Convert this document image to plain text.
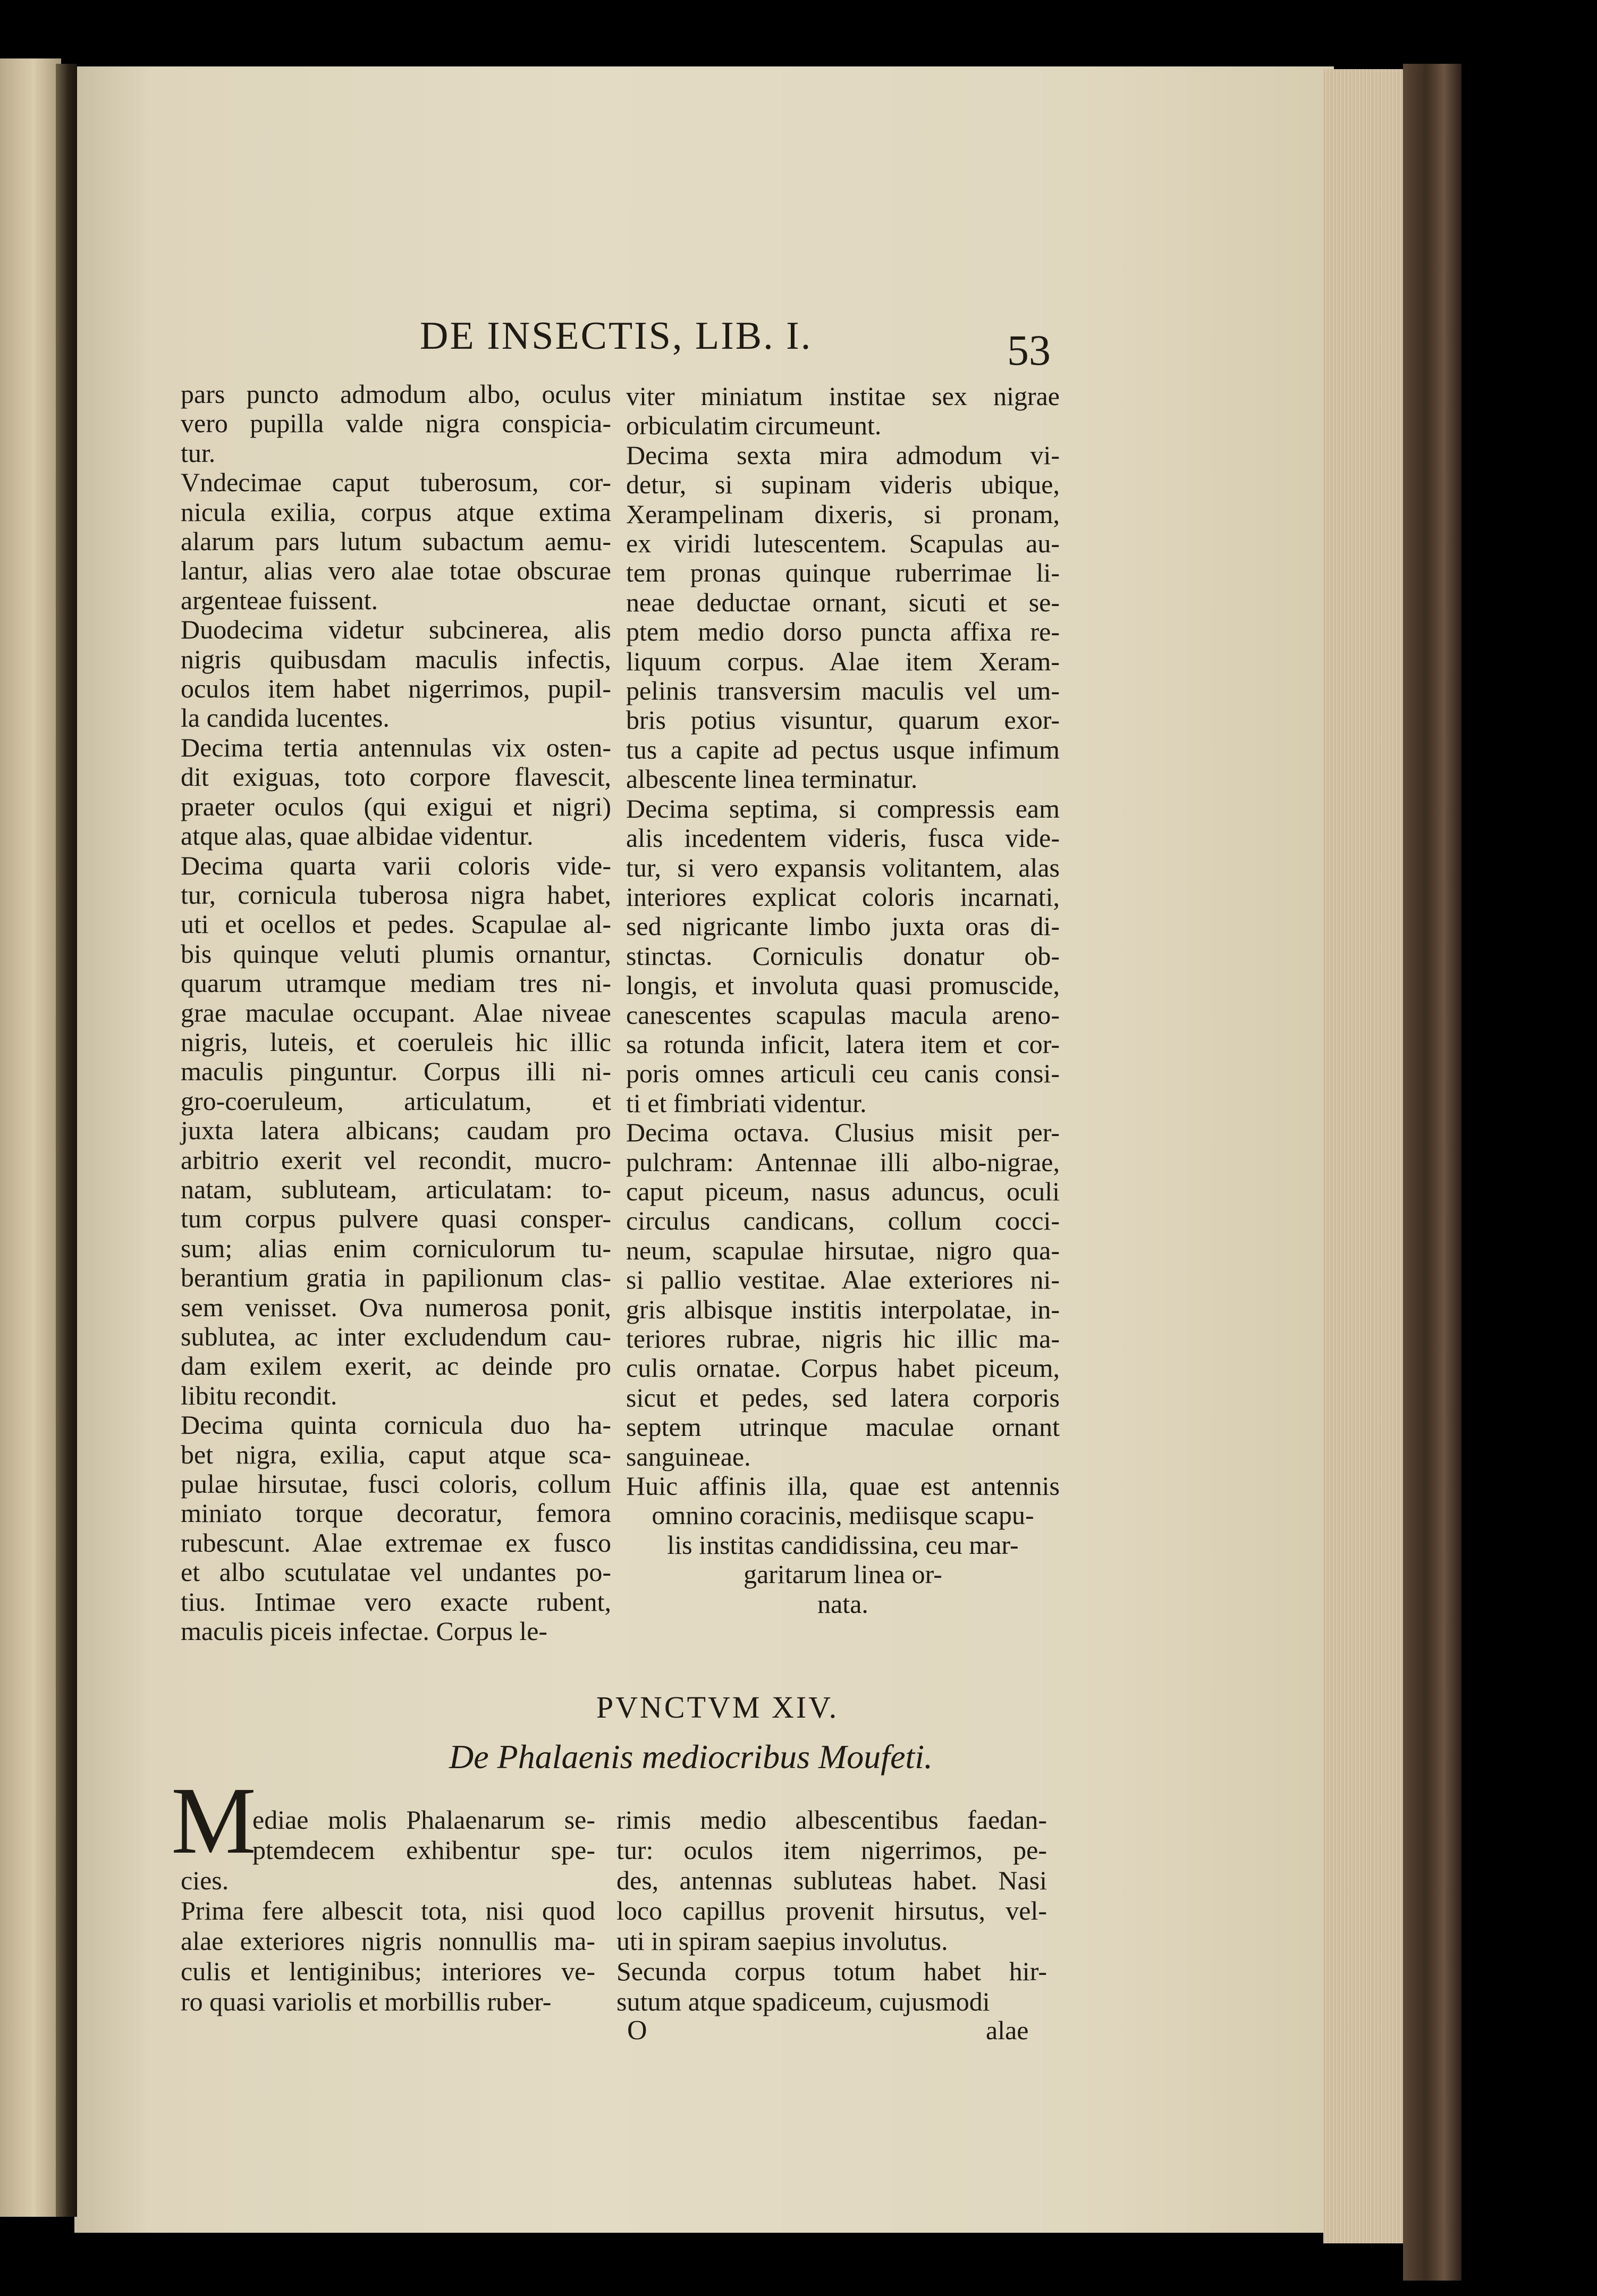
DE INSECTIS, LIB. I.	53

pars puncto admodum albo, oculus

vero pupilla valde nigra conspicia-

tur.

Vndecimae caput tuberosum, cor-

nicula exilia, corpus atque extima

alarum pars lutum subactum aemu-

lantur, alias vero alae totae obscurae

argenteae fuissent.

Duodecima videtur subcinerea, alis

nigris quibusdam maculis infectis,

oculos item habet nigerrimos, pupil-

la candida lucentes.

Decima tertia antennulas vix osten-

dit exiguas, toto corpore flavescit,

praeter oculos (qui exigui et nigri)

atque alas, quae albidae videntur.

Decima quarta varii coloris vide-

tur, cornicula tuberosa nigra habet,

uti et ocellos et pedes. Scapulae al-

bis quinque veluti plumis ornantur,

quarum utramque mediam tres ni-

grae maculae occupant. Alae niveae

nigris, luteis, et coeruleis hic illic

maculis pinguntur. Corpus illi ni-

gro-coeruleum, articulatum, et

juxta latera albicans; caudam pro

arbitrio exerit vel recondit, mucro-

natam, subluteam, articulatam: to-

tum corpus pulvere quasi consper-

sum; alias enim corniculorum tu-

berantium gratia in papilionum clas-

sem venisset. Ova numerosa ponit,

sublutea, ac inter excludendum cau-

dam exilem exerit, ac deinde pro

libitu recondit.

Decima quinta cornicula duo ha-

bet nigra, exilia, caput atque sca-

pulae hirsutae, fusci coloris, collum

miniato torque decoratur, femora

rubescunt. Alae extremae ex fusco

et albo scutulatae vel undantes po-

tius. Intimae vero exacte rubent,

maculis piceis infectae. Corpus le-

viter miniatum institae sex nigrae

orbiculatim circumeunt.

Decima sexta mira admodum vi-

detur, si supinam videris ubique,

Xerampelinam dixeris, si pronam,

ex viridi lutescentem. Scapulas au-

tem pronas quinque ruberrimae li-

neae deductae ornant, sicuti et se-

ptem medio dorso puncta affixa re-

liquum corpus. Alae item Xeram-

pelinis transversim maculis vel um-

bris potius visuntur, quarum exor-

tus a capite ad pectus usque infimum

albescente linea terminatur.

Decima septima, si compressis eam

alis incedentem videris, fusca vide-

tur, si vero expansis volitantem, alas

interiores explicat coloris incarnati,

sed nigricante limbo juxta oras di-

stinctas. Corniculis donatur ob-

longis, et involuta quasi promuscide,

canescentes scapulas macula areno-

sa rotunda inficit, latera item et cor-

poris omnes articuli ceu canis consi-

ti et fimbriati videntur.

Decima octava. Clusius misit per-

pulchram: Antennae illi albo-nigrae,

caput piceum, nasus aduncus, oculi

circulus candicans, collum cocci-

neum, scapulae hirsutae, nigro qua-

si pallio vestitae. Alae exteriores ni-

gris albisque institis interpolatae, in-

teriores rubrae, nigris hic illic ma-

culis ornatae. Corpus habet piceum,

sicut et pedes, sed latera corporis

septem utrinque maculae ornant

sanguineae.

Huic affinis illa, quae est antennis

omnino coracinis, mediisque scapu-

lis institas candidissina, ceu mar-

garitarum linea or-

nata.

PVNCTVM XIV.
De Phalaenis mediocribus Moufeti.
M

ediae molis Phalaenarum se-

ptemdecem exhibentur spe-

cies.

Prima fere albescit tota, nisi quod

alae exteriores nigris nonnullis ma-

culis et lentiginibus; interiores ve-

ro quasi variolis et morbillis ruber-

rimis medio albescentibus faedan-

tur: oculos item nigerrimos, pe-

des, antennas subluteas habet. Nasi

loco capillus provenit hirsutus, vel-

uti in spiram saepius involutus.

Secunda corpus totum habet hir-

sutum atque spadiceum, cujusmodi

O	alae
